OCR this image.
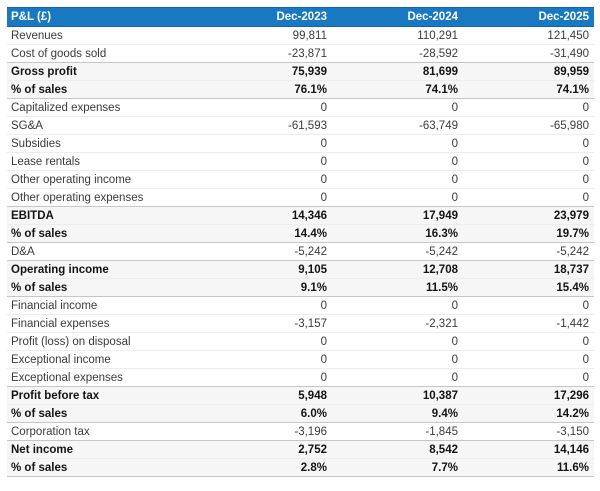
P&L (£)	Dec-2023	Dec-2024	Dec-2025
Revenues	99,811	110,291	121,450
Cost of goods sold	-23,871	-28,592	-31,490
Gross profit	75,939	81,699	89,959
% of sales	76.1%	74.1%	74.1%
Capitalized expenses	0	0	0
SG&A	-61,593	-63,749	-65,980
Subsidies	0	0	0
Lease rentals	0	0	0
Other operating income	0	0	0
Other operating expenses	0	0	0
EBITDA	14,346	17,949	23,979
% of sales	14.4%	16.3%	19.7%
D&A	-5,242	-5,242	-5,242
Operating income	9,105	12,708	18,737
% of sales	9.1%	11.5%	15.4%
Financial income	0	0	0
Financial expenses	-3,157	-2,321	-1,442
Profit (loss) on disposal	0	0	0
Exceptional income	0	0	0
Exceptional expenses	0	0	0
Profit before tax	5,948	10,387	17,296
% of sales	6.0%	9.4%	14.2%
Corporation tax	-3,196	-1,845	-3,150
Net income	2,752	8,542	14,146
% of sales	2.8%	7.7%	11.6%
